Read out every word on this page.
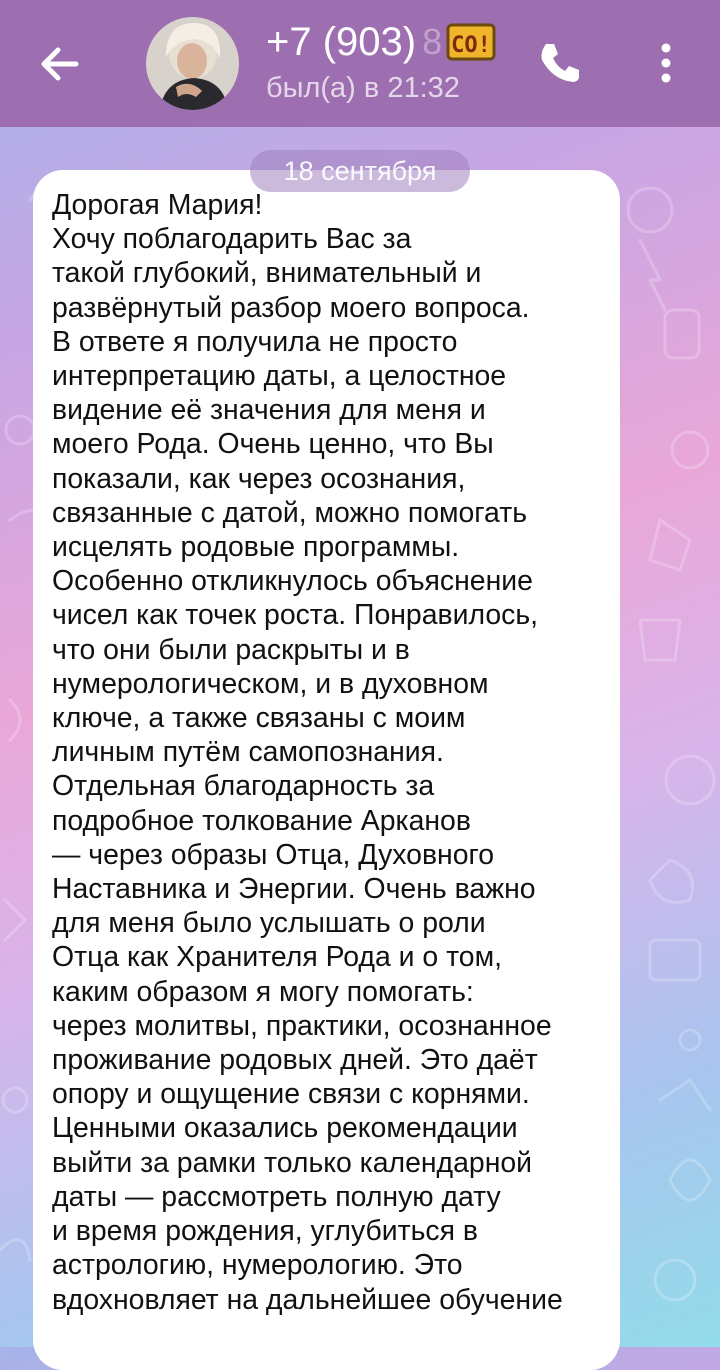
+7 (903) 8 CO!
был(а) в 21:32

Дорогая Мария!

Хочу поблагодарить Вас за

такой глубокий, внимательный и

развёрнутый разбор моего вопроса.

В ответе я получила не просто

интерпретацию даты, а целостное

видение её значения для меня и

моего Рода. Очень ценно, что Вы

показали, как через осознания,

связанные с датой, можно помогать

исцелять родовые программы.

Особенно откликнулось объяснение

чисел как точек роста. Понравилось,

что они были раскрыты и в

нумерологическом, и в духовном

ключе, а также связаны с моим

личным путём самопознания.

Отдельная благодарность за

подробное толкование Арканов

— через образы Отца, Духовного

Наставника и Энергии. Очень важно

для меня было услышать о роли

Отца как Хранителя Рода и о том,

каким образом я могу помогать:

через молитвы, практики, осознанное

проживание родовых дней. Это даёт

опору и ощущение связи с корнями.

Ценными оказались рекомендации

выйти за рамки только календарной

даты — рассмотреть полную дату

и время рождения, углубиться в

астрологию, нумерологию. Это

вдохновляет на дальнейшее обучение

18 сентября
